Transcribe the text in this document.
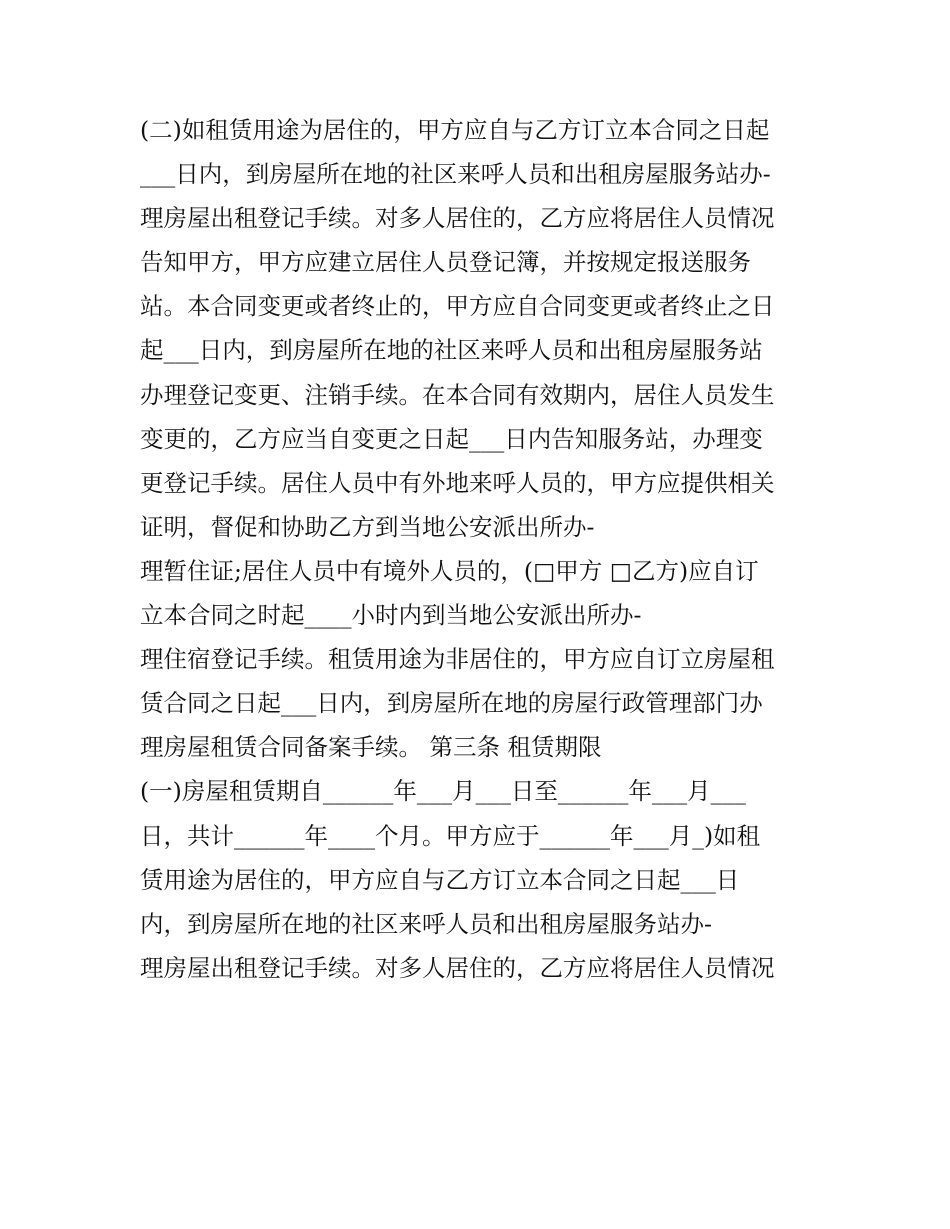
(二)如租赁用途为居住的，甲方应自与乙方订立本合同之日起
___日内，到房屋所在地的社区来呼人员和出租房屋服务站办-
理房屋出租登记手续。对多人居住的，乙方应将居住人员情况
告知甲方，甲方应建立居住人员登记簿，并按规定报送服务
站。本合同变更或者终止的，甲方应自合同变更或者终止之日
起___日内，到房屋所在地的社区来呼人员和出租房屋服务站
办理登记变更、注销手续。在本合同有效期内，居住人员发生
变更的，乙方应当自变更之日起___日内告知服务站，办理变
更登记手续。居住人员中有外地来呼人员的，甲方应提供相关
证明，督促和协助乙方到当地公安派出所办-
理暂住证;居住人员中有境外人员的，(□甲方 □乙方)应自订
立本合同之时起____小时内到当地公安派出所办-
理住宿登记手续。租赁用途为非居住的，甲方应自订立房屋租
赁合同之日起___日内，到房屋所在地的房屋行政管理部门办
理房屋租赁合同备案手续。 第三条 租赁期限
(一)房屋租赁期自______年___月___日至______年___月___
日，共计______年____个月。甲方应于______年___月_)如租
赁用途为居住的，甲方应自与乙方订立本合同之日起___日
内，到房屋所在地的社区来呼人员和出租房屋服务站办-
理房屋出租登记手续。对多人居住的，乙方应将居住人员情况
